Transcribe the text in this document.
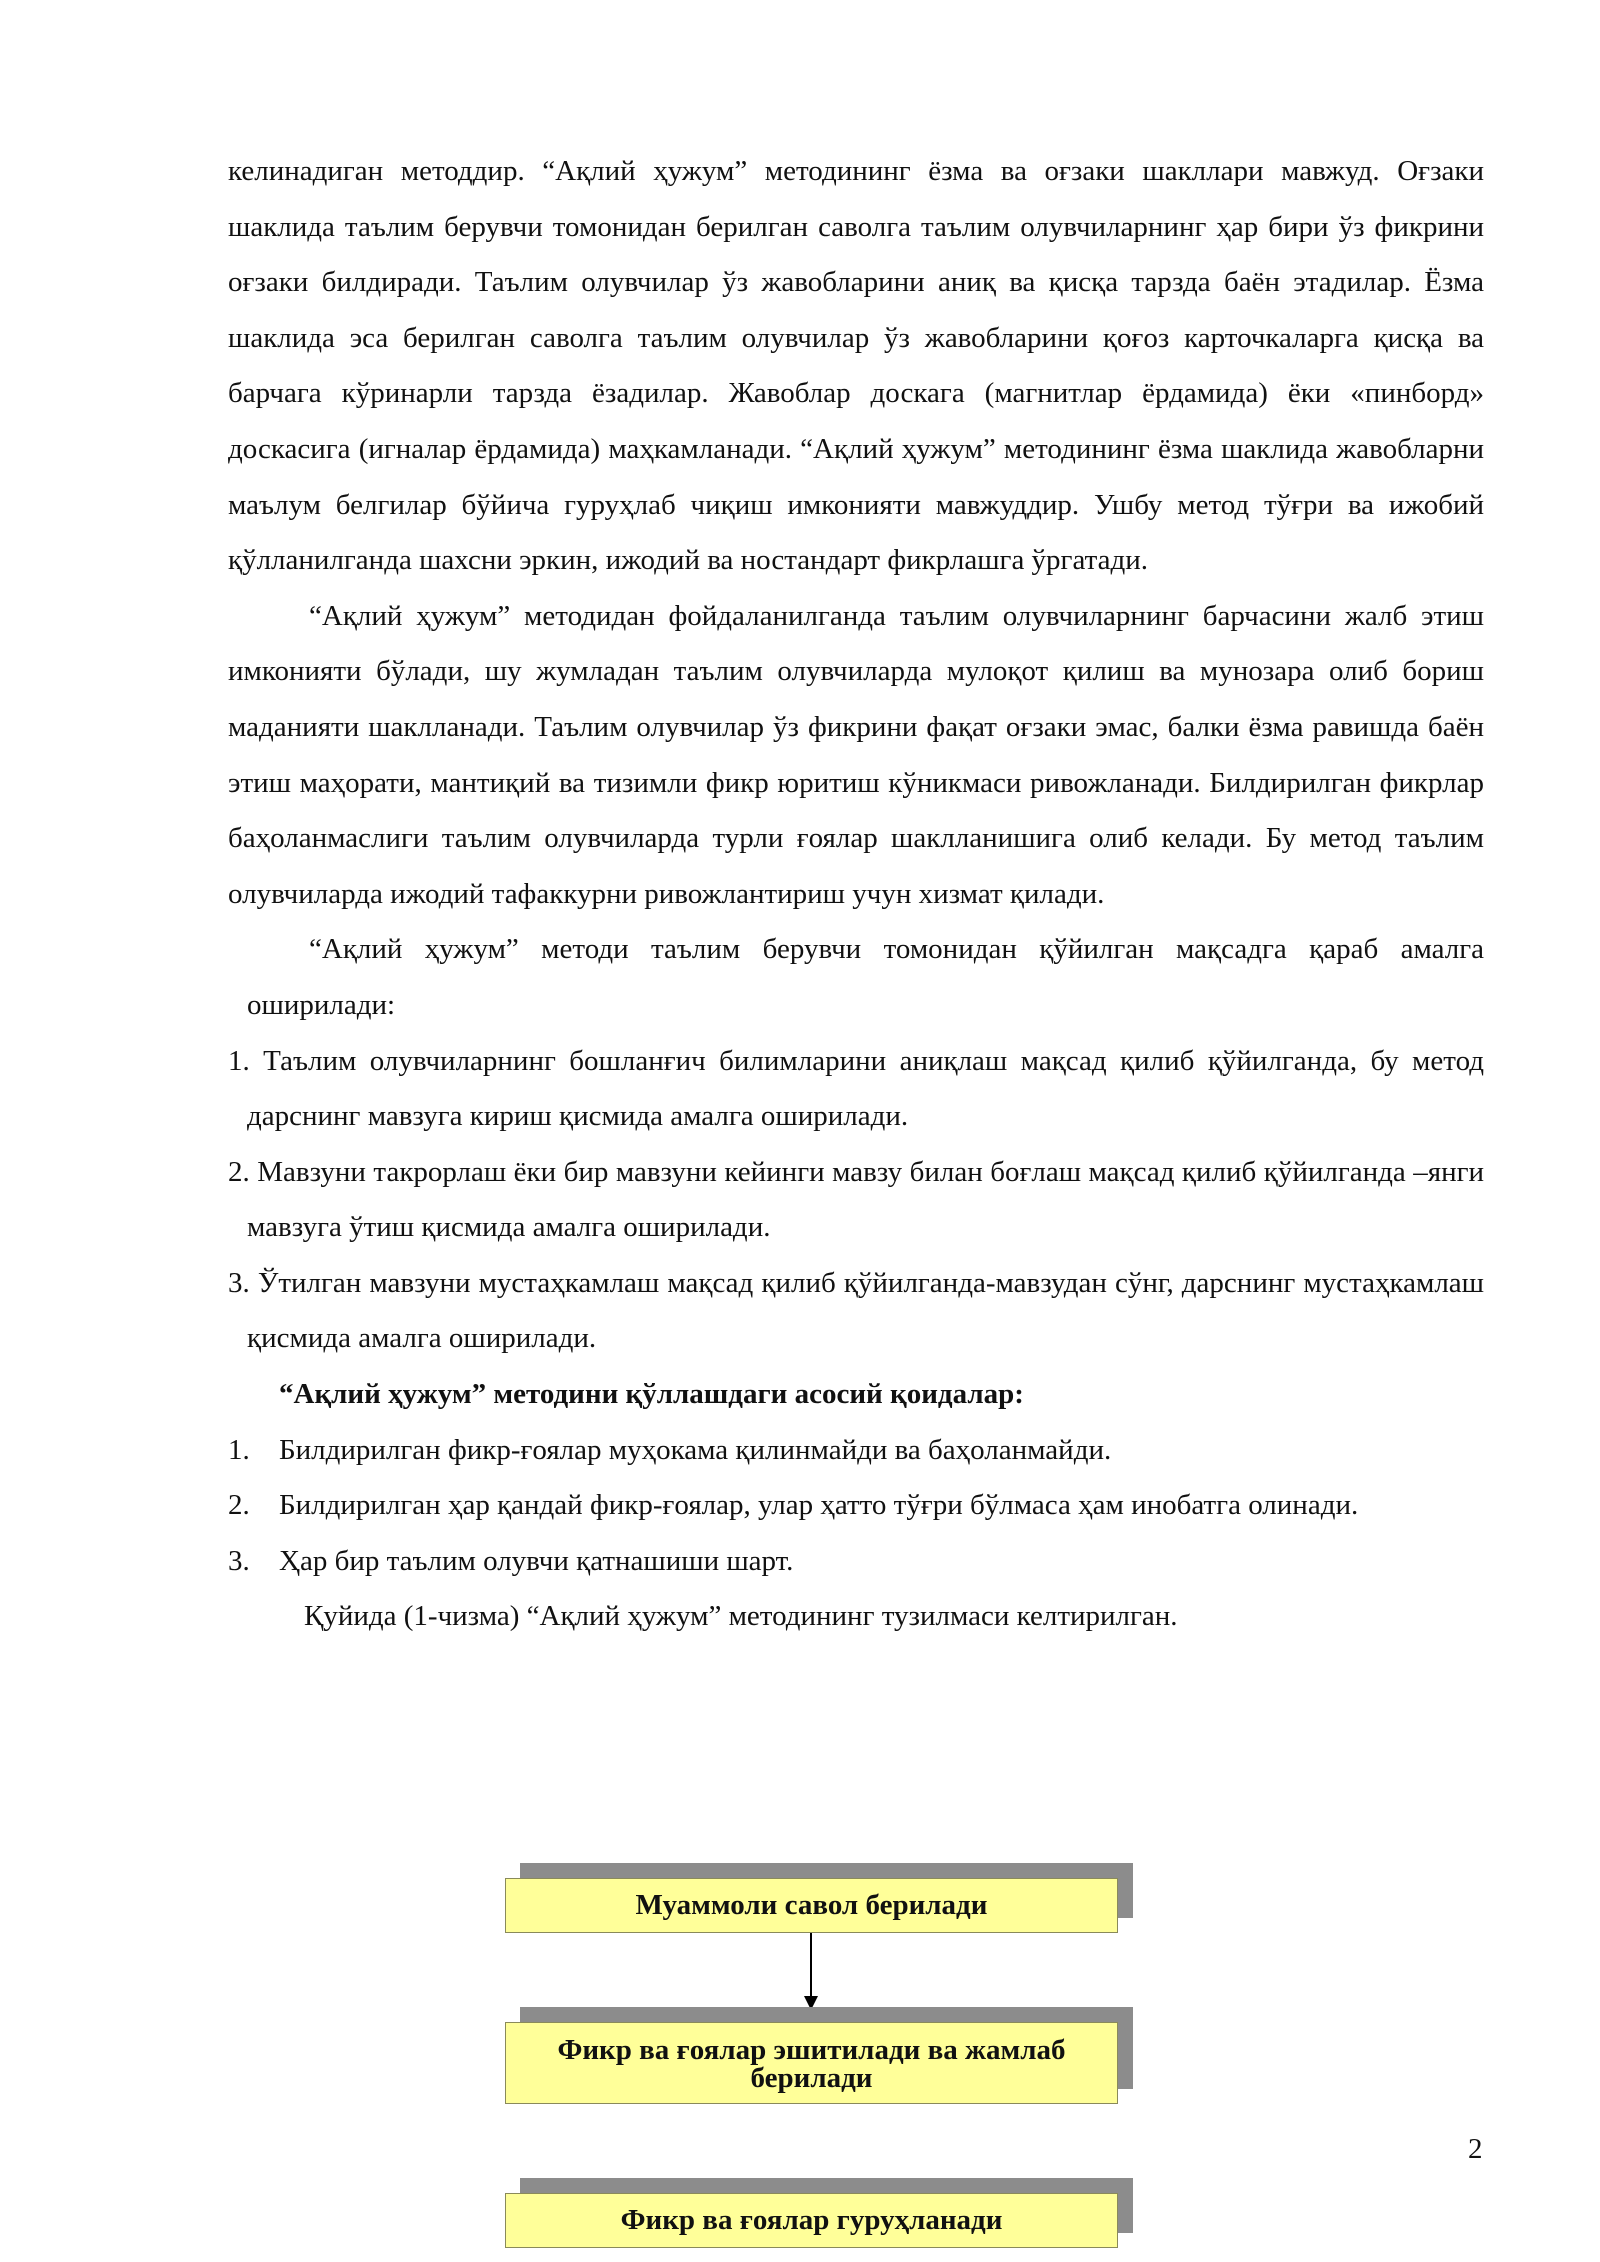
келинадиган методдир. “Ақлий ҳужум” методининг ёзма ва оғзаки шакллари мавжуд. Оғзаки шаклида таълим берувчи томонидан берилган саволга таълим олувчиларнинг ҳар бири ўз фикрини оғзаки билдиради. Таълим олувчилар ўз жавобларини аниқ ва қисқа тарзда баён этадилар. Ёзма шаклида эса берилган саволга таълим олувчилар ўз жавобларини қоғоз карточкаларга қисқа ва барчага кўринарли тарзда ёзадилар. Жавоблар доскага (магнитлар ёрдамида) ёки «пинборд» доскасига (игналар ёрдамида) маҳкамланади. “Ақлий ҳужум” методининг ёзма шаклида жавобларни маълум белгилар бўйича гуруҳлаб чиқиш имконияти мавжуддир. Ушбу метод тўғри ва ижобий қўлланилганда шахсни эркин, ижодий ва ностандарт фикрлашга ўргатади.

“Ақлий ҳужум” методидан фойдаланилганда таълим олувчиларнинг барчасини жалб этиш имконияти бўлади, шу жумладан таълим олувчиларда мулоқот қилиш ва мунозара олиб бориш маданияти шаклланади. Таълим олувчилар ўз фикрини фақат оғзаки эмас, балки ёзма равишда баён этиш маҳорати, мантиқий ва тизимли фикр юритиш кўникмаси ривожланади. Билдирилган фикрлар баҳоланмаслиги таълим олувчиларда турли ғоялар шаклланишига олиб келади. Бу метод таълим олувчиларда ижодий тафаккурни ривожлантириш учун хизмат қилади.

“Ақлий ҳужум” методи таълим берувчи томонидан қўйилган мақсадга қараб амалга оширилади:

1. Таълим олувчиларнинг бошланғич билимларини аниқлаш мақсад қилиб қўйилганда, бу метод дарснинг мавзуга кириш қисмида амалга оширилади.

2. Мавзуни такрорлаш ёки бир мавзуни кейинги мавзу билан боғлаш мақсад қилиб қўйилганда –янги мавзуга ўтиш қисмида амалга оширилади.

3. Ўтилган мавзуни мустаҳкамлаш мақсад қилиб қўйилганда-мавзудан сўнг, дарснинг мустаҳкамлаш қисмида амалга оширилади.

“Ақлий ҳужум” методини қўллашдаги асосий қоидалар:

1. Билдирилган фикр-ғоялар муҳокама қилинмайди ва баҳоланмайди.

2. Билдирилган ҳар қандай фикр-ғоялар, улар ҳатто тўғри бўлмаса ҳам инобатга олинади.

3. Ҳар бир таълим олувчи қатнашиши шарт.

Қуйида (1-чизма) “Ақлий ҳужум” методининг тузилмаси келтирилган.

Муаммоли савол берилади
Фикр ва ғоялар эшитилади ва жамлаб берилади
Фикр ва ғоялар гуруҳланади
2
